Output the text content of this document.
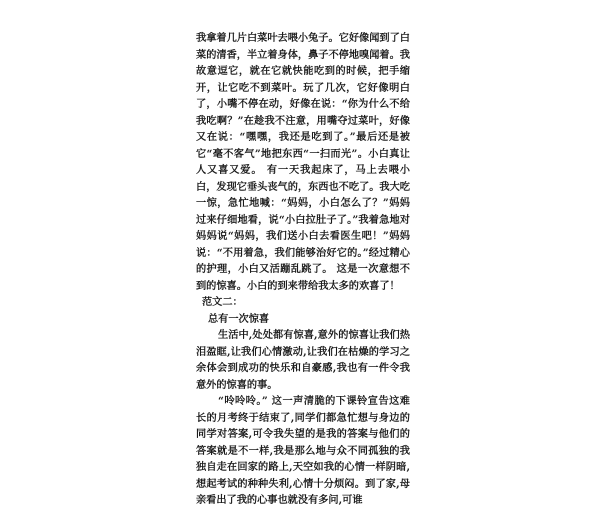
我拿着几片白菜叶去喂小兔子。它好像闻到了白菜的清香，半立着身体，鼻子不停地嗅闻着。我故意逗它，就在它就快能吃到的时候，把手缩开，让它吃不到菜叶。玩了几次，它好像明白了，小嘴不停在动，好像在说：“你为什么不给我吃啊？”在趁我不注意，用嘴夺过菜叶，好像又在说：“嘿嘿，我还是吃到了。”最后还是被它“毫不客气”地把东西“一扫而光”。小白真让人又喜又爱。 有一天我起床了，马上去喂小白，发现它垂头丧气的，东西也不吃了。我大吃一惊，急忙地喊：“妈妈，小白怎么了？”妈妈过来仔细地看，说“小白拉肚子了。”我着急地对妈妈说“妈妈，我们送小白去看医生吧！”妈妈说：“不用着急，我们能够治好它的。”经过精心的护理，小白又活蹦乱跳了。 这是一次意想不到的惊喜。小白的到来带给我太多的欢喜了！

范文二：

总有一次惊喜

生活中,处处都有惊喜,意外的惊喜让我们热泪盈眶,让我们心情激动,让我们在枯燥的学习之余体会到成功的快乐和自豪感,我也有一件令我意外的惊喜的事。

“呤呤呤。” 这一声清脆的下课铃宣告这难长的月考终于结束了,同学们都急忙想与身边的同学对答案,可令我失望的是我的答案与他们的答案就是不一样,我是那么地与众不同孤独的我独自走在回家的路上,天空如我的心情一样阴暗,想起考试的种种失利,心情十分烦闷。到了家,母亲看出了我的心事也就没有多问,可谁
